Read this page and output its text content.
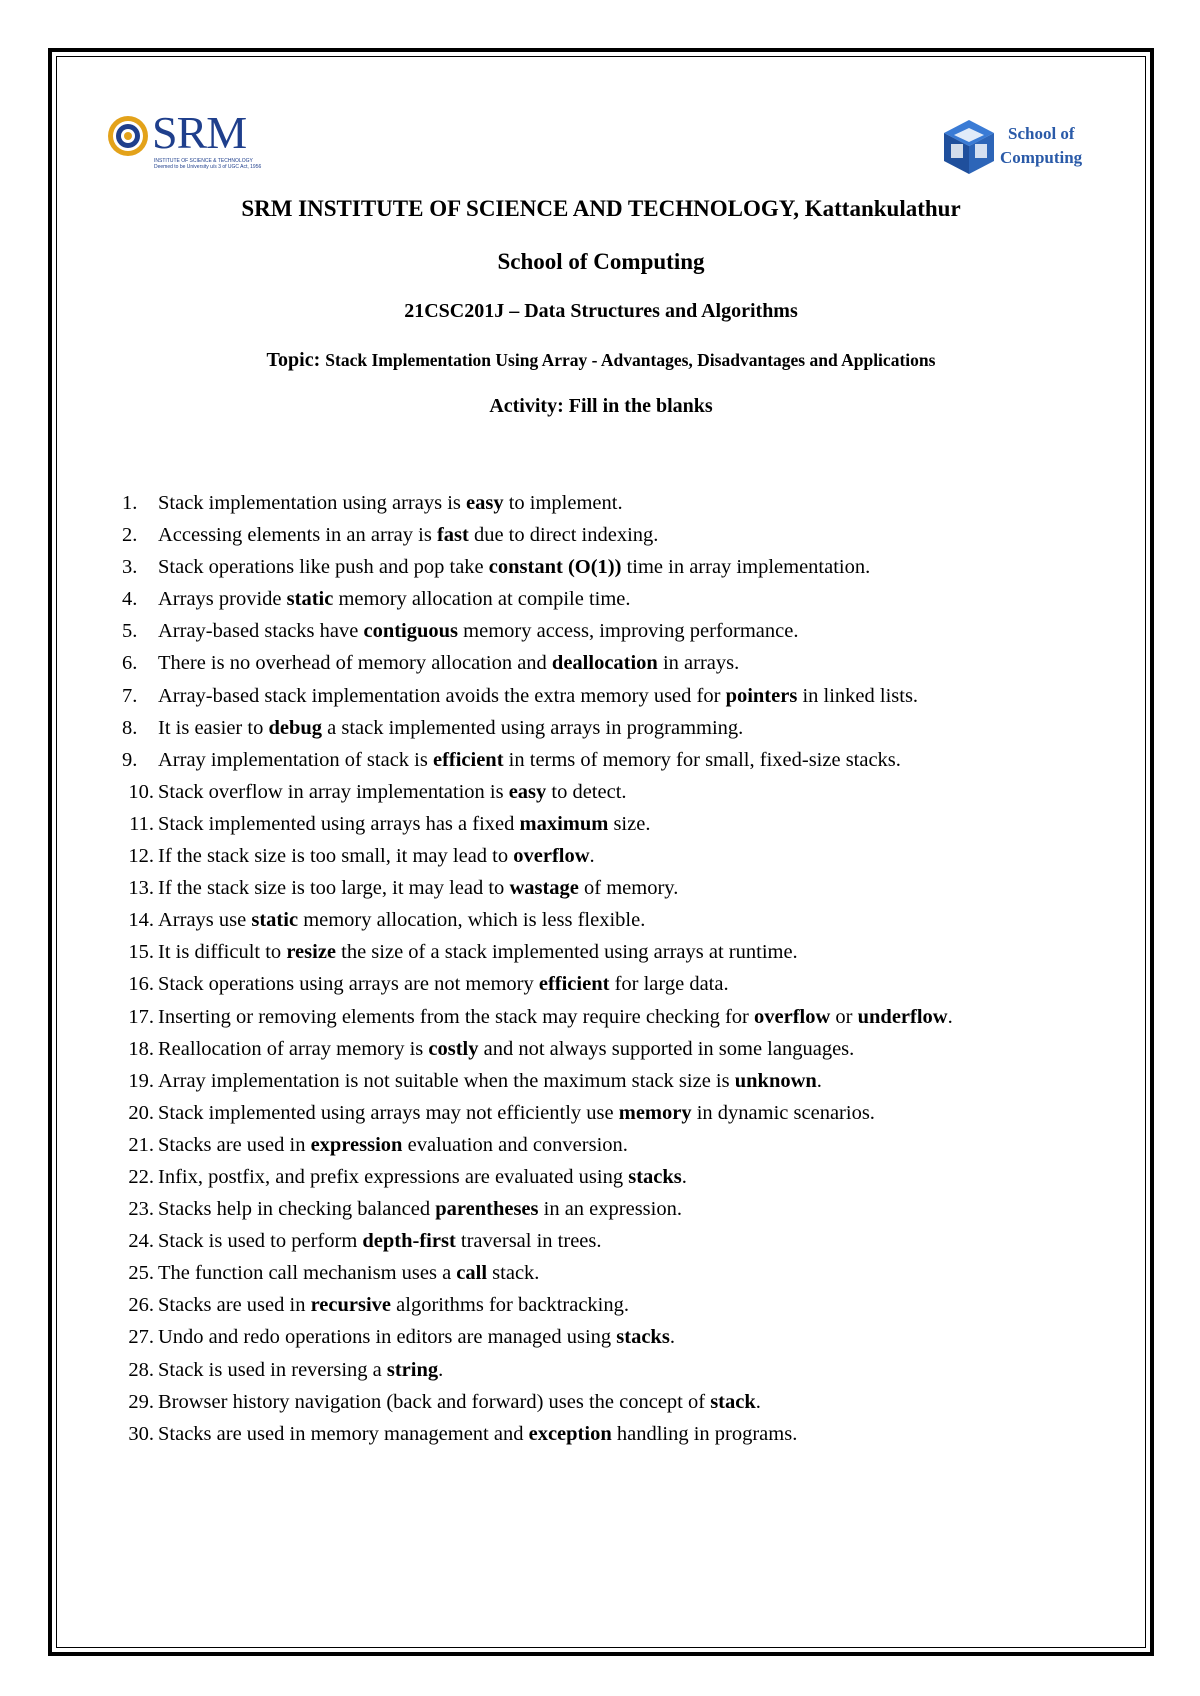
SRM
INSTITUTE OF SCIENCE & TECHNOLOGY
Deemed to be University u/s 3 of UGC Act, 1956
School of
Computing
SRM INSTITUTE OF SCIENCE AND TECHNOLOGY, Kattankulathur
School of Computing
21CSC201J – Data Structures and Algorithms
Topic: Stack Implementation Using Array - Advantages, Disadvantages and Applications
Activity: Fill in the blanks
1.	Stack implementation using arrays is easy to implement.
2.	Accessing elements in an array is fast due to direct indexing.
3.	Stack operations like push and pop take constant (O(1)) time in array implementation.
4.	Arrays provide static memory allocation at compile time.
5.	Array-based stacks have contiguous memory access, improving performance.
6.	There is no overhead of memory allocation and deallocation in arrays.
7.	Array-based stack implementation avoids the extra memory used for pointers in linked lists.
8.	It is easier to debug a stack implemented using arrays in programming.
9.	Array implementation of stack is efficient in terms of memory for small, fixed-size stacks.
10. Stack overflow in array implementation is easy to detect.
11. Stack implemented using arrays has a fixed maximum size.
12. If the stack size is too small, it may lead to overflow.
13. If the stack size is too large, it may lead to wastage of memory.
14. Arrays use static memory allocation, which is less flexible.
15. It is difficult to resize the size of a stack implemented using arrays at runtime.
16. Stack operations using arrays are not memory efficient for large data.
17. Inserting or removing elements from the stack may require checking for overflow or underflow.
18. Reallocation of array memory is costly and not always supported in some languages.
19. Array implementation is not suitable when the maximum stack size is unknown.
20. Stack implemented using arrays may not efficiently use memory in dynamic scenarios.
21. Stacks are used in expression evaluation and conversion.
22. Infix, postfix, and prefix expressions are evaluated using stacks.
23. Stacks help in checking balanced parentheses in an expression.
24. Stack is used to perform depth-first traversal in trees.
25. The function call mechanism uses a call stack.
26. Stacks are used in recursive algorithms for backtracking.
27. Undo and redo operations in editors are managed using stacks.
28. Stack is used in reversing a string.
29. Browser history navigation (back and forward) uses the concept of stack.
30. Stacks are used in memory management and exception handling in programs.
